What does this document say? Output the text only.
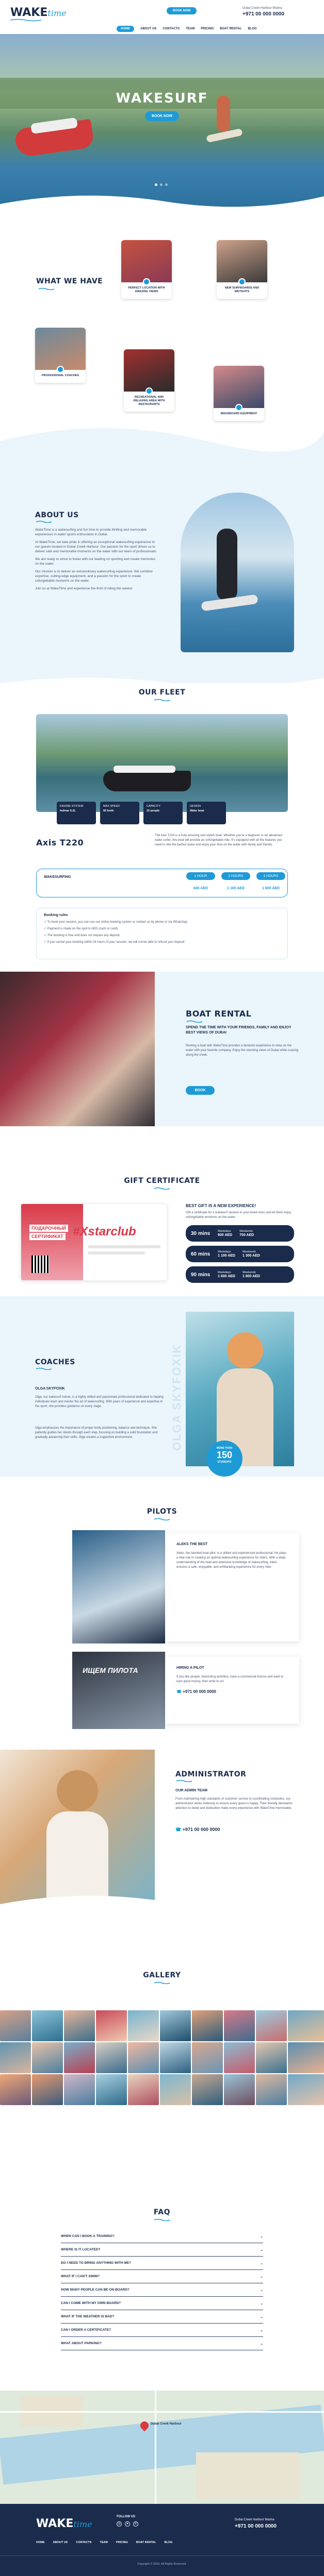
WAKEtime	BOOK NOW
Dubai Creek Harbour Marina
+971 00 000 0000
HOME	ABOUT US CONTACTS TEAM PRICING BOAT RENTAL BLOG
WAKESURF
BOOK NOW
WHAT WE HAVE
PERFECT LOCATION WITH AMAZING VIEWS
NEW SURFBOARDS AND WETSUITS
PROFESSIONAL COACHES
RECREATIONAL AND RELAXING AREA WITH RESTAURANTS
WAKEBOARD EQUIPMENT
ABOUT US

WakeTime is a wakesurfing and fun time to provide thrilling and memorable experiences in water sports enthusiasts in Dubai.

At WakeTime, we take pride in offering an exceptional wakesurfing experience to our guests located in Dubai Creek Harbour. Our passion for the sport drives us to deliver safe and memorable moments on the water with our team of professionals.

We are ready to strive to foster with our leading on sporting and create memories on the water.

Our mission is to deliver an extraordinary wakesurfing experience. We combine expertise, cutting-edge equipment, and a passion for the sport to create unforgettable moments on the water.

Join us at WakeTime and experience the thrill of riding the waves!

OUR FLEET
ENGINE SYSTEM
Indmar 6.2L
MAX SPEED
60 km/h
CAPACITY
15 people
DESIGN
Wake boat
Axis T220
The Axis T220 is a truly amazing and stylish boat. Whether you're a beginner or an advanced wake surfer, this boat will provide an unforgettable ride. It's equipped with all the features you need to ride the perfect wave and enjoy your time on the water with family and friends.
WAKESURFING	1 HOUR	2 HOURS	3 HOURS
600 AED	1 100 AED	1 600 AED
Booking rules
✓ To book your session, you can use our online booking system or contact us by phone or via WhatsApp
✓ Payment is made on the spot in AED (cash or card)
✓ The booking is free and does not require any deposit
✓ If you cancel your booking within 24 hours of your session, we will not be able to refund your deposit
BOAT RENTAL
SPEND THE TIME WITH YOUR FRIENDS, FAMILY AND ENJOY BEST VIEWS OF DUBAI
Renting a boat with WakeTime provides a fantastic experience to relax on the water with your favorite company. Enjoy the stunning views of Dubai while cruising along the creek.
BOOK
GIFT CERTIFICATE
ПОДАРОЧНЫЙ
СЕРТИФИКАТ #Xstarclub
BEST GIFT IS A NEW EXPERIENCE!
Gift a certificate for a wakesurf session to your loved ones and let them enjoy unforgettable emotions on the water.
30 mins	Weekdays
600 AED
Weekends
700 AED
60 mins	Weekdays
1 100 AED
Weekends
1 300 AED
90 mins	Weekdays
1 600 AED
Weekends
1 800 AED
COACHES
OLGA SKYFOXIK
Olga, our wakesurf trainer, is a highly skilled and passionate professional dedicated to helping individuals learn and master the art of wakesurfing. With years of experience and expertise in the sport, she provides guidance on every stage.
Olga emphasizes the importance of proper body positioning, balance and technique. She patiently guides her clients through each step, focusing on building a solid foundation and gradually advancing their skills. Olga creates a supportive environment.	OLGA SKYFOXIK	MORE THAN
150
STUDENTS
PILOTS
ALEKS THE BEST
Aleks, the talented boat pilot, is a skilled and experienced professional. He plays a vital role in creating an optimal wakesurfing experience for riders. With a deep understanding of the boat and extensive knowledge of wakesurfing, Aleks ensures a safe, enjoyable, and exhilarating experience for every rider.
ИЩЕМ ПИЛОТА	HIRING A PILOT
If you like people, interesting activities, have a commercial license and want to earn good money, then write to us!
☎ +971 00 000 0000
ADMINISTRATOR
OUR ADMIN TEAM
From maintaining high standards of customer service to coordinating schedules, our administrator works tirelessly to ensure every guest is happy. Their friendly demeanor, attention to detail and dedication make every experience with WakeTime memorable.
☎ +971 00 000 0000
GALLERY
FAQ
WHEN CAN I BOOK A TRAINING?	⌄
WHERE IS IT LOCATED?	⌄
DO I NEED TO BRING ANYTHING WITH ME?	⌄
WHAT IF I CAN'T SWIM?	⌄
HOW MANY PEOPLE CAN BE ON BOARD?	⌄
CAN I COME WITH MY OWN BOARD?	⌄
WHAT IF THE WEATHER IS BAD?	⌄
CAN I ORDER A CERTIFICATE?	⌄
WHAT ABOUT PARKING?	⌄
Dubai Creek Harbour
WAKEtime
FOLLOW US
◎	➤	✆
Dubai Creek Harbour Marina
+971 00 000 0000
HOME	ABOUT US	CONTACTS	TEAM	PRICING	BOAT RENTAL	BLOG
Copyright © 2023. All Rights Reserved.
